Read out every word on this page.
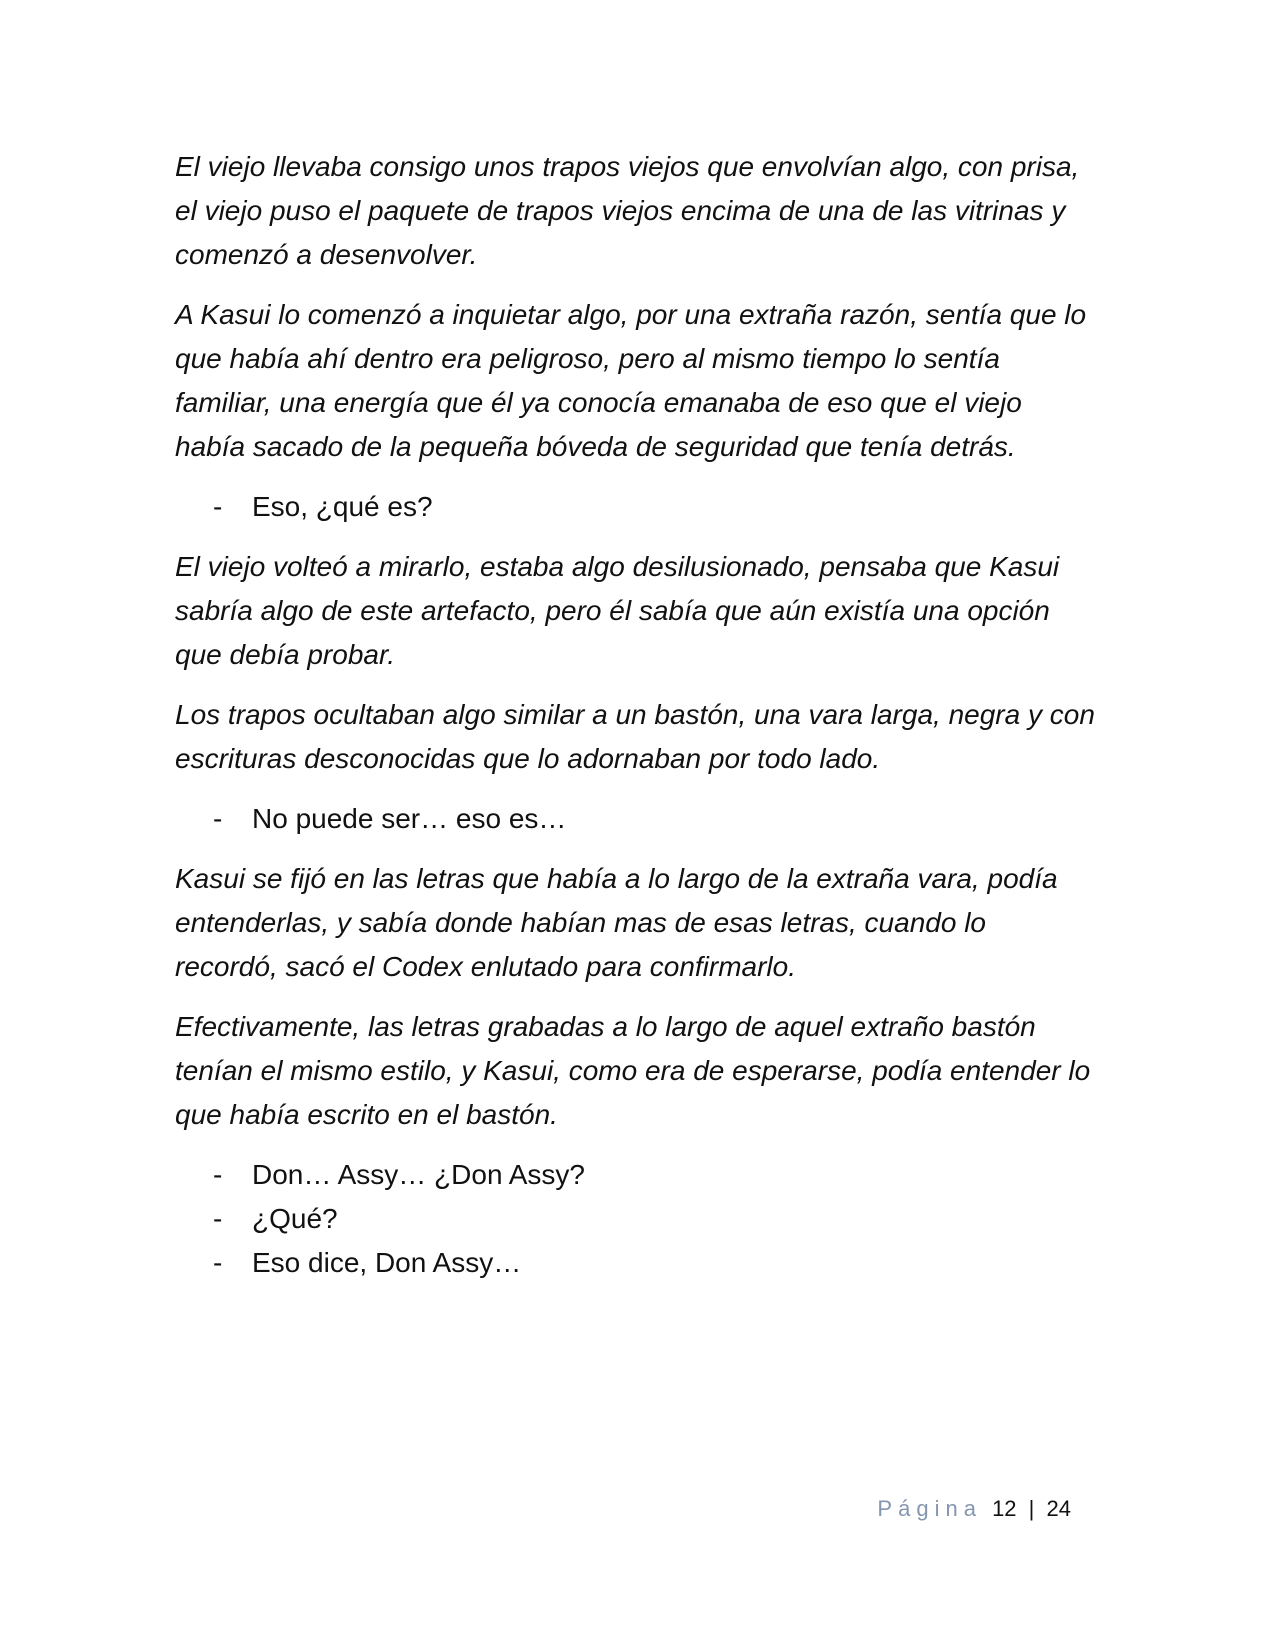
El viejo llevaba consigo unos trapos viejos que envolvían algo, con prisa, el viejo puso el paquete de trapos viejos encima de una de las vitrinas y comenzó a desenvolver.

A Kasui lo comenzó a inquietar algo, por una extraña razón, sentía que lo que había ahí dentro era peligroso, pero al mismo tiempo lo sentía familiar, una energía que él ya conocía emanaba de eso que el viejo había sacado de la pequeña bóveda de seguridad que tenía detrás.

- Eso, ¿qué es?

El viejo volteó a mirarlo, estaba algo desilusionado, pensaba que Kasui sabría algo de este artefacto, pero él sabía que aún existía una opción que debía probar.

Los trapos ocultaban algo similar a un bastón, una vara larga, negra y con escrituras desconocidas que lo adornaban por todo lado.

- No puede ser… eso es…

Kasui se fijó en las letras que había a lo largo de la extraña vara, podía entenderlas, y sabía donde habían mas de esas letras, cuando lo recordó, sacó el Codex enlutado para confirmarlo.

Efectivamente, las letras grabadas a lo largo de aquel extraño bastón tenían el mismo estilo, y Kasui, como era de esperarse, podía entender lo que había escrito en el bastón.

- Don… Assy… ¿Don Assy?
- ¿Qué?
- Eso dice, Don Assy…
Página 12 | 24
